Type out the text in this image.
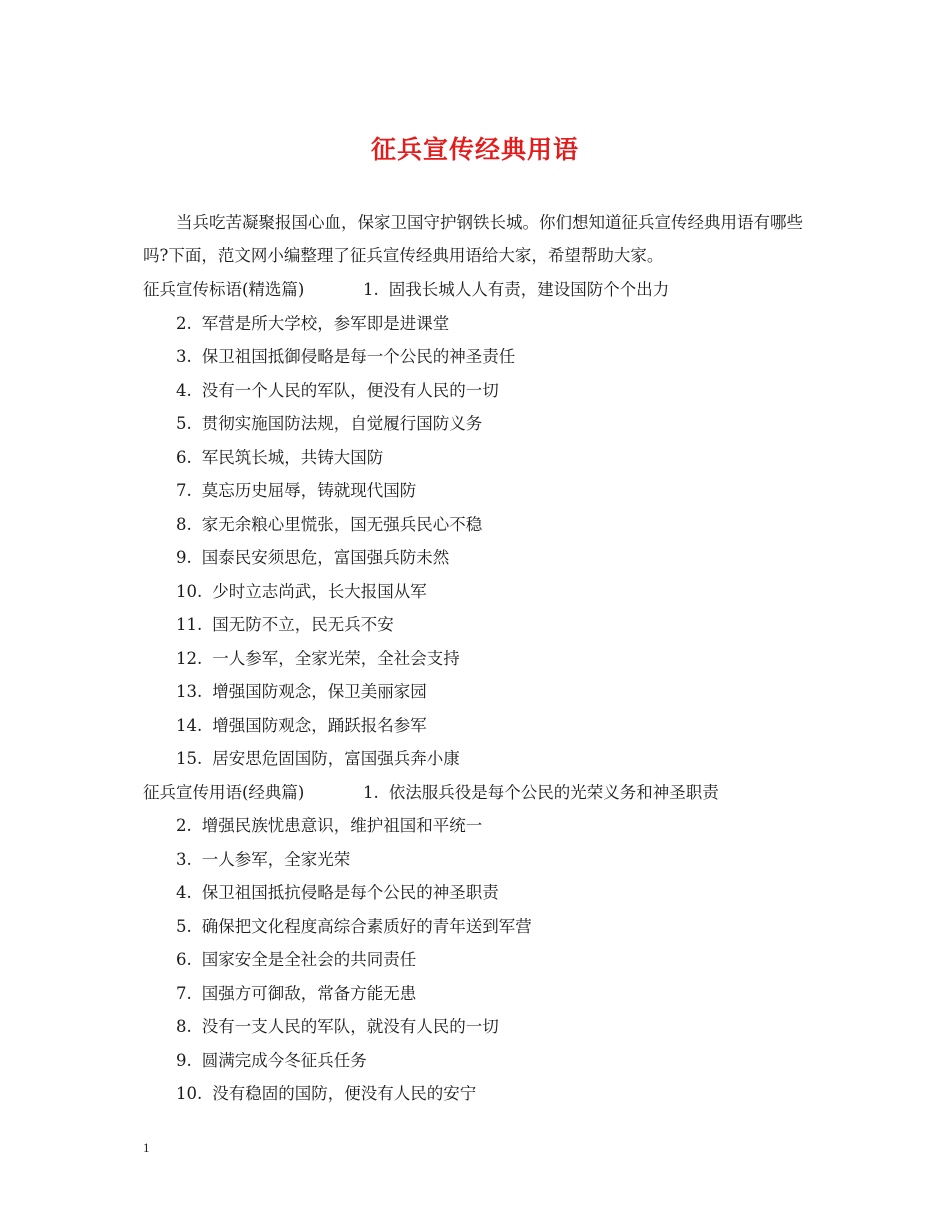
征兵宣传经典用语
当兵吃苦凝聚报国心血，保家卫国守护钢铁长城。你们想知道征兵宣传经典用语有哪些吗?下面，范文网小编整理了征兵宣传经典用语给大家，希望帮助大家。
征兵宣传标语(精选篇)	1. 固我长城人人有责，建设国防个个出力
2. 军营是所大学校，参军即是进课堂
3. 保卫祖国抵御侵略是每一个公民的神圣责任
4. 没有一个人民的军队，便没有人民的一切
5. 贯彻实施国防法规，自觉履行国防义务
6. 军民筑长城，共铸大国防
7. 莫忘历史屈辱，铸就现代国防
8. 家无余粮心里慌张，国无强兵民心不稳
9. 国泰民安须思危，富国强兵防未然
10. 少时立志尚武，长大报国从军
11. 国无防不立，民无兵不安
12. 一人参军，全家光荣，全社会支持
13. 增强国防观念，保卫美丽家园
14. 增强国防观念，踊跃报名参军
15. 居安思危固国防，富国强兵奔小康
征兵宣传用语(经典篇)	1. 依法服兵役是每个公民的光荣义务和神圣职责
2. 增强民族忧患意识，维护祖国和平统一
3. 一人参军，全家光荣
4. 保卫祖国抵抗侵略是每个公民的神圣职责
5. 确保把文化程度高综合素质好的青年送到军营
6. 国家安全是全社会的共同责任
7. 国强方可御敌，常备方能无患
8. 没有一支人民的军队，就没有人民的一切
9. 圆满完成今冬征兵任务
10. 没有稳固的国防，便没有人民的安宁
1
